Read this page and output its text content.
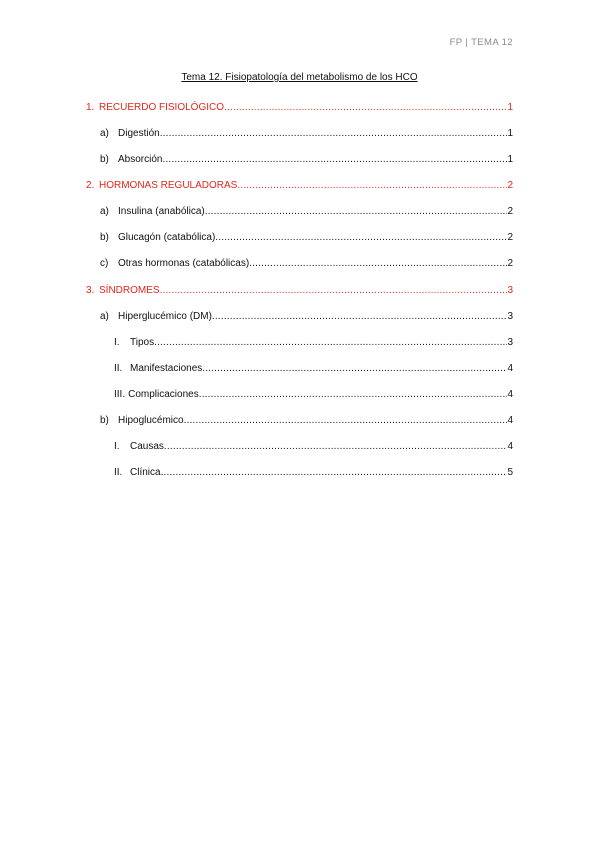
FP | TEMA 12
Tema 12. Fisiopatología del metabolismo de los HCO
1. RECUERDO FISIOLÓGICO .....	1
a) Digestión .....	1
b) Absorción .....	1
2. HORMONAS REGULADORAS .....	2
a) Insulina (anabólica) .....	2
b) Glucagón (catabólica) .....	2
c) Otras hormonas (catabólicas) .....	2
3. SÍNDROMES .....	3
a) Hiperglucémico (DM) .....	3
I. Tipos .....	3
II. Manifestaciones .....	4
III. Complicaciones .....	4
b) Hipoglucémico .....	4
I. Causas .....	4
II. Clínica .....	5
